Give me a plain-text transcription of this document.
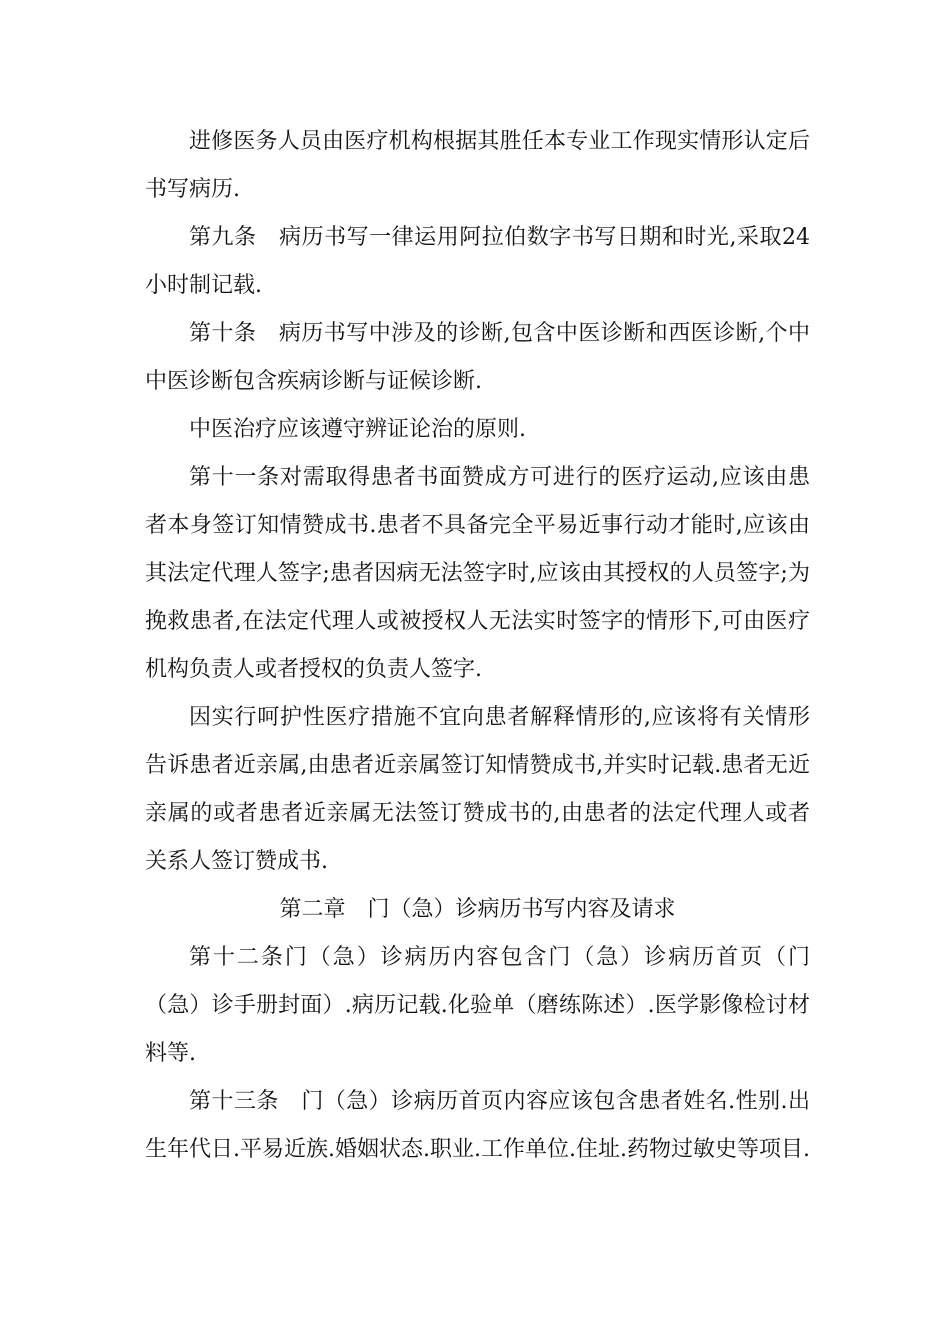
进修医务人员由医疗机构根据其胜任本专业工作现实情形认定后书写病历.

第九条　病历书写一律运用阿拉伯数字书写日期和时光,采取24 小时制记载.

第十条　病历书写中涉及的诊断,包含中医诊断和西医诊断,个中中医诊断包含疾病诊断与证候诊断.

中医治疗应该遵守辨证论治的原则.

第十一条对需取得患者书面赞成方可进行的医疗运动,应该由患者本身签订知情赞成书.患者不具备完全平易近事行动才能时,应该由其法定代理人签字;患者因病无法签字时,应该由其授权的人员签字;为挽救患者,在法定代理人或被授权人无法实时签字的情形下,可由医疗机构负责人或者授权的负责人签字.

因实行呵护性医疗措施不宜向患者解释情形的,应该将有关情形告诉患者近亲属,由患者近亲属签订知情赞成书,并实时记载.患者无近亲属的或者患者近亲属无法签订赞成书的,由患者的法定代理人或者关系人签订赞成书.

第二章　门（急）诊病历书写内容及请求

第十二条门（急）诊病历内容包含门（急）诊病历首页（门（急）诊手册封面）.病历记载.化验单（磨练陈述）.医学影像检讨材料等.

第十三条　门（急）诊病历首页内容应该包含患者姓名.性别.出生年代日.平易近族.婚姻状态.职业.工作单位.住址.药物过敏史等项目.
